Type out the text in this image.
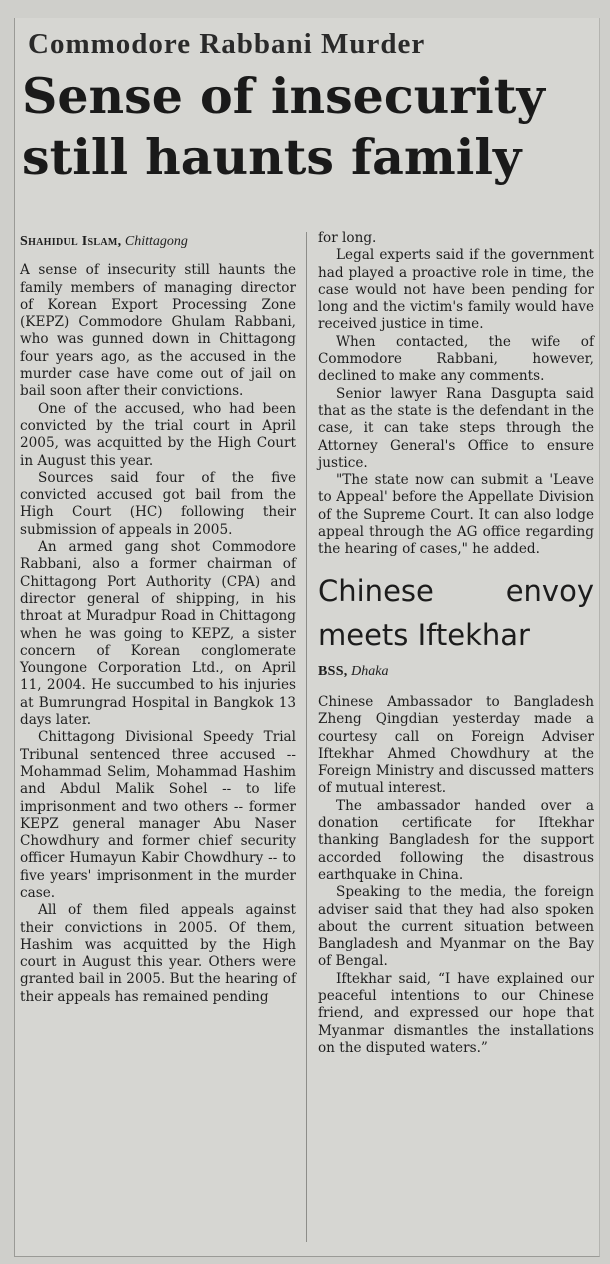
Commodore Rabbani Murder
Sense of insecurity still haunts family
Shahidul Islam, Chittagong

A sense of insecurity still haunts the family members of managing director of Korean Export Processing Zone (KEPZ) Commodore Ghulam Rabbani, who was gunned down in Chittagong four years ago, as the accused in the murder case have come out of jail on bail soon after their convictions.

One of the accused, who had been convicted by the trial court in April 2005, was acquitted by the High Court in August this year.

Sources said four of the five convicted accused got bail from the High Court (HC) following their submission of appeals in 2005.

An armed gang shot Commodore Rabbani, also a former chairman of Chittagong Port Authority (CPA) and director general of shipping, in his throat at Muradpur Road in Chittagong when he was going to KEPZ, a sister concern of Korean conglomerate Youngone Corporation Ltd., on April 11, 2004. He succumbed to his injuries at Bumrungrad Hospital in Bangkok 13 days later.

Chittagong Divisional Speedy Trial Tribunal sentenced three accused -- Mohammad Selim, Mohammad Hashim and Abdul Malik Sohel -- to life imprisonment and two others -- former KEPZ general manager Abu Naser Chowdhury and former chief security officer Humayun Kabir Chowdhury -- to five years' imprisonment in the murder case.

All of them filed appeals against their convictions in 2005. Of them, Hashim was acquitted by the High court in August this year. Others were granted bail in 2005. But the hearing of their appeals has remained pending

for long.

Legal experts said if the government had played a proactive role in time, the case would not have been pending for long and the victim's family would have received justice in time.

When contacted, the wife of Commodore Rabbani, however, declined to make any comments.

Senior lawyer Rana Dasgupta said that as the state is the defendant in the case, it can take steps through the Attorney General's Office to ensure justice.

"The state now can submit a 'Leave to Appeal' before the Appellate Division of the Supreme Court. It can also lodge appeal through the AG office regarding the hearing of cases," he added.

Chinese envoy meets Iftekhar
BSS, Dhaka

Chinese Ambassador to Bangladesh Zheng Qingdian yesterday made a courtesy call on Foreign Adviser Iftekhar Ahmed Chowdhury at the Foreign Ministry and discussed matters of mutual interest.

The ambassador handed over a donation certificate for Iftekhar thanking Bangladesh for the support accorded following the disastrous earthquake in China.

Speaking to the media, the foreign adviser said that they had also spoken about the current situation between Bangladesh and Myanmar on the Bay of Bengal.

Iftekhar said, “I have explained our peaceful intentions to our Chinese friend, and expressed our hope that Myanmar dismantles the installations on the disputed waters.”
